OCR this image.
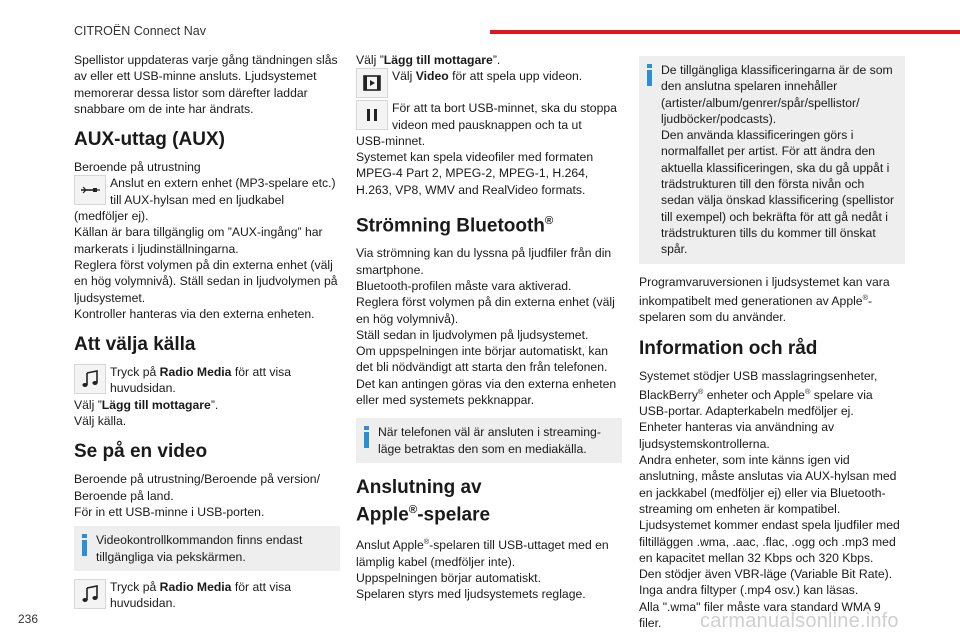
CITROËN Connect Nav

Spellistor uppdateras varje gång tändningen slås av eller ett USB-minne ansluts. Ljudsystemet memorerar dessa listor som därefter laddar snabbare om de inte har ändrats.

AUX-uttag (AUX)

Beroende på utrustning

Anslut en extern enhet (MP3-spelare etc.) till AUX-hylsan med en ljudkabel

(medföljer ej).

Källan är bara tillgänglig om ”AUX-ingång” har markerats i ljudinställningarna.

Reglera först volymen på din externa enhet (välj en hög volymnivå). Ställ sedan in ljudvolymen på ljudsystemet.

Kontroller hanteras via den externa enheten.

Att välja källa

Tryck på Radio Media för att visa huvudsidan.

Välj ”Lägg till mottagare”.

Välj källa.

Se på en video

Beroende på utrustning/Beroende på version/ Beroende på land.

För in ett USB-minne i USB-porten.

Videokontrollkommandon finns endast tillgängliga via pekskärmen.

Tryck på Radio Media för att visa huvudsidan.

Välj ”Lägg till mottagare”.

Välj Video för att spela upp videon.

För att ta bort USB-minnet, ska du stoppa videon med pausknappen och ta ut

USB-minnet.

Systemet kan spela videofiler med formaten MPEG-4 Part 2, MPEG-2, MPEG-1, H.264, H.263, VP8, WMV and RealVideo formats.

Strömning Bluetooth®

Via strömning kan du lyssna på ljudfiler från din smartphone.

Bluetooth-profilen måste vara aktiverad.

Reglera först volymen på din externa enhet (välj en hög volymnivå).

Ställ sedan in ljudvolymen på ljudsystemet.

Om uppspelningen inte börjar automatiskt, kan det bli nödvändigt att starta den från telefonen.

Det kan antingen göras via den externa enheten eller med systemets pekknappar.

När telefonen väl är ansluten i streaming-läge betraktas den som en mediakälla.
Anslutning av
Apple®-spelare

Anslut Apple®-spelaren till USB-uttaget med en lämplig kabel (medföljer inte).

Uppspelningen börjar automatiskt.

Spelaren styrs med ljudsystemets reglage.

De tillgängliga klassificeringarna är de som den anslutna spelaren innehåller (artister/album/genrer/spår/spellistor/ ljudböcker/podcasts).
Den använda klassificeringen görs i normalfallet per artist. För att ändra den aktuella klassificeringen, ska du gå uppåt i trädstrukturen till den första nivån och sedan välja önskad klassificering (spellistor till exempel) och bekräfta för att gå nedåt i trädstrukturen tills du kommer till önskat spår.

Programvaruversionen i ljudsystemet kan vara inkompatibelt med generationen av Apple®-spelaren som du använder.

Information och råd

Systemet stödjer USB masslagringsenheter, BlackBerry® enheter och Apple® spelare via USB-portar. Adapterkabeln medföljer ej.

Enheter hanteras via användning av ljudsystemskontrollerna.

Andra enheter, som inte känns igen vid anslutning, måste anslutas via AUX-hylsan med en jackkabel (medföljer ej) eller via Bluetooth-streaming om enheten är kompatibel.

Ljudsystemet kommer endast spela ljudfiler med filtilläggen .wma, .aac, .flac, .ogg och .mp3 med en kapacitet mellan 32 Kbps och 320 Kbps.

Den stödjer även VBR-läge (Variable Bit Rate).

Inga andra filtyper (.mp4 osv.) kan läsas.

Alla ".wma" filer måste vara standard WMA 9 filer.

236	carmanualsonline.info
